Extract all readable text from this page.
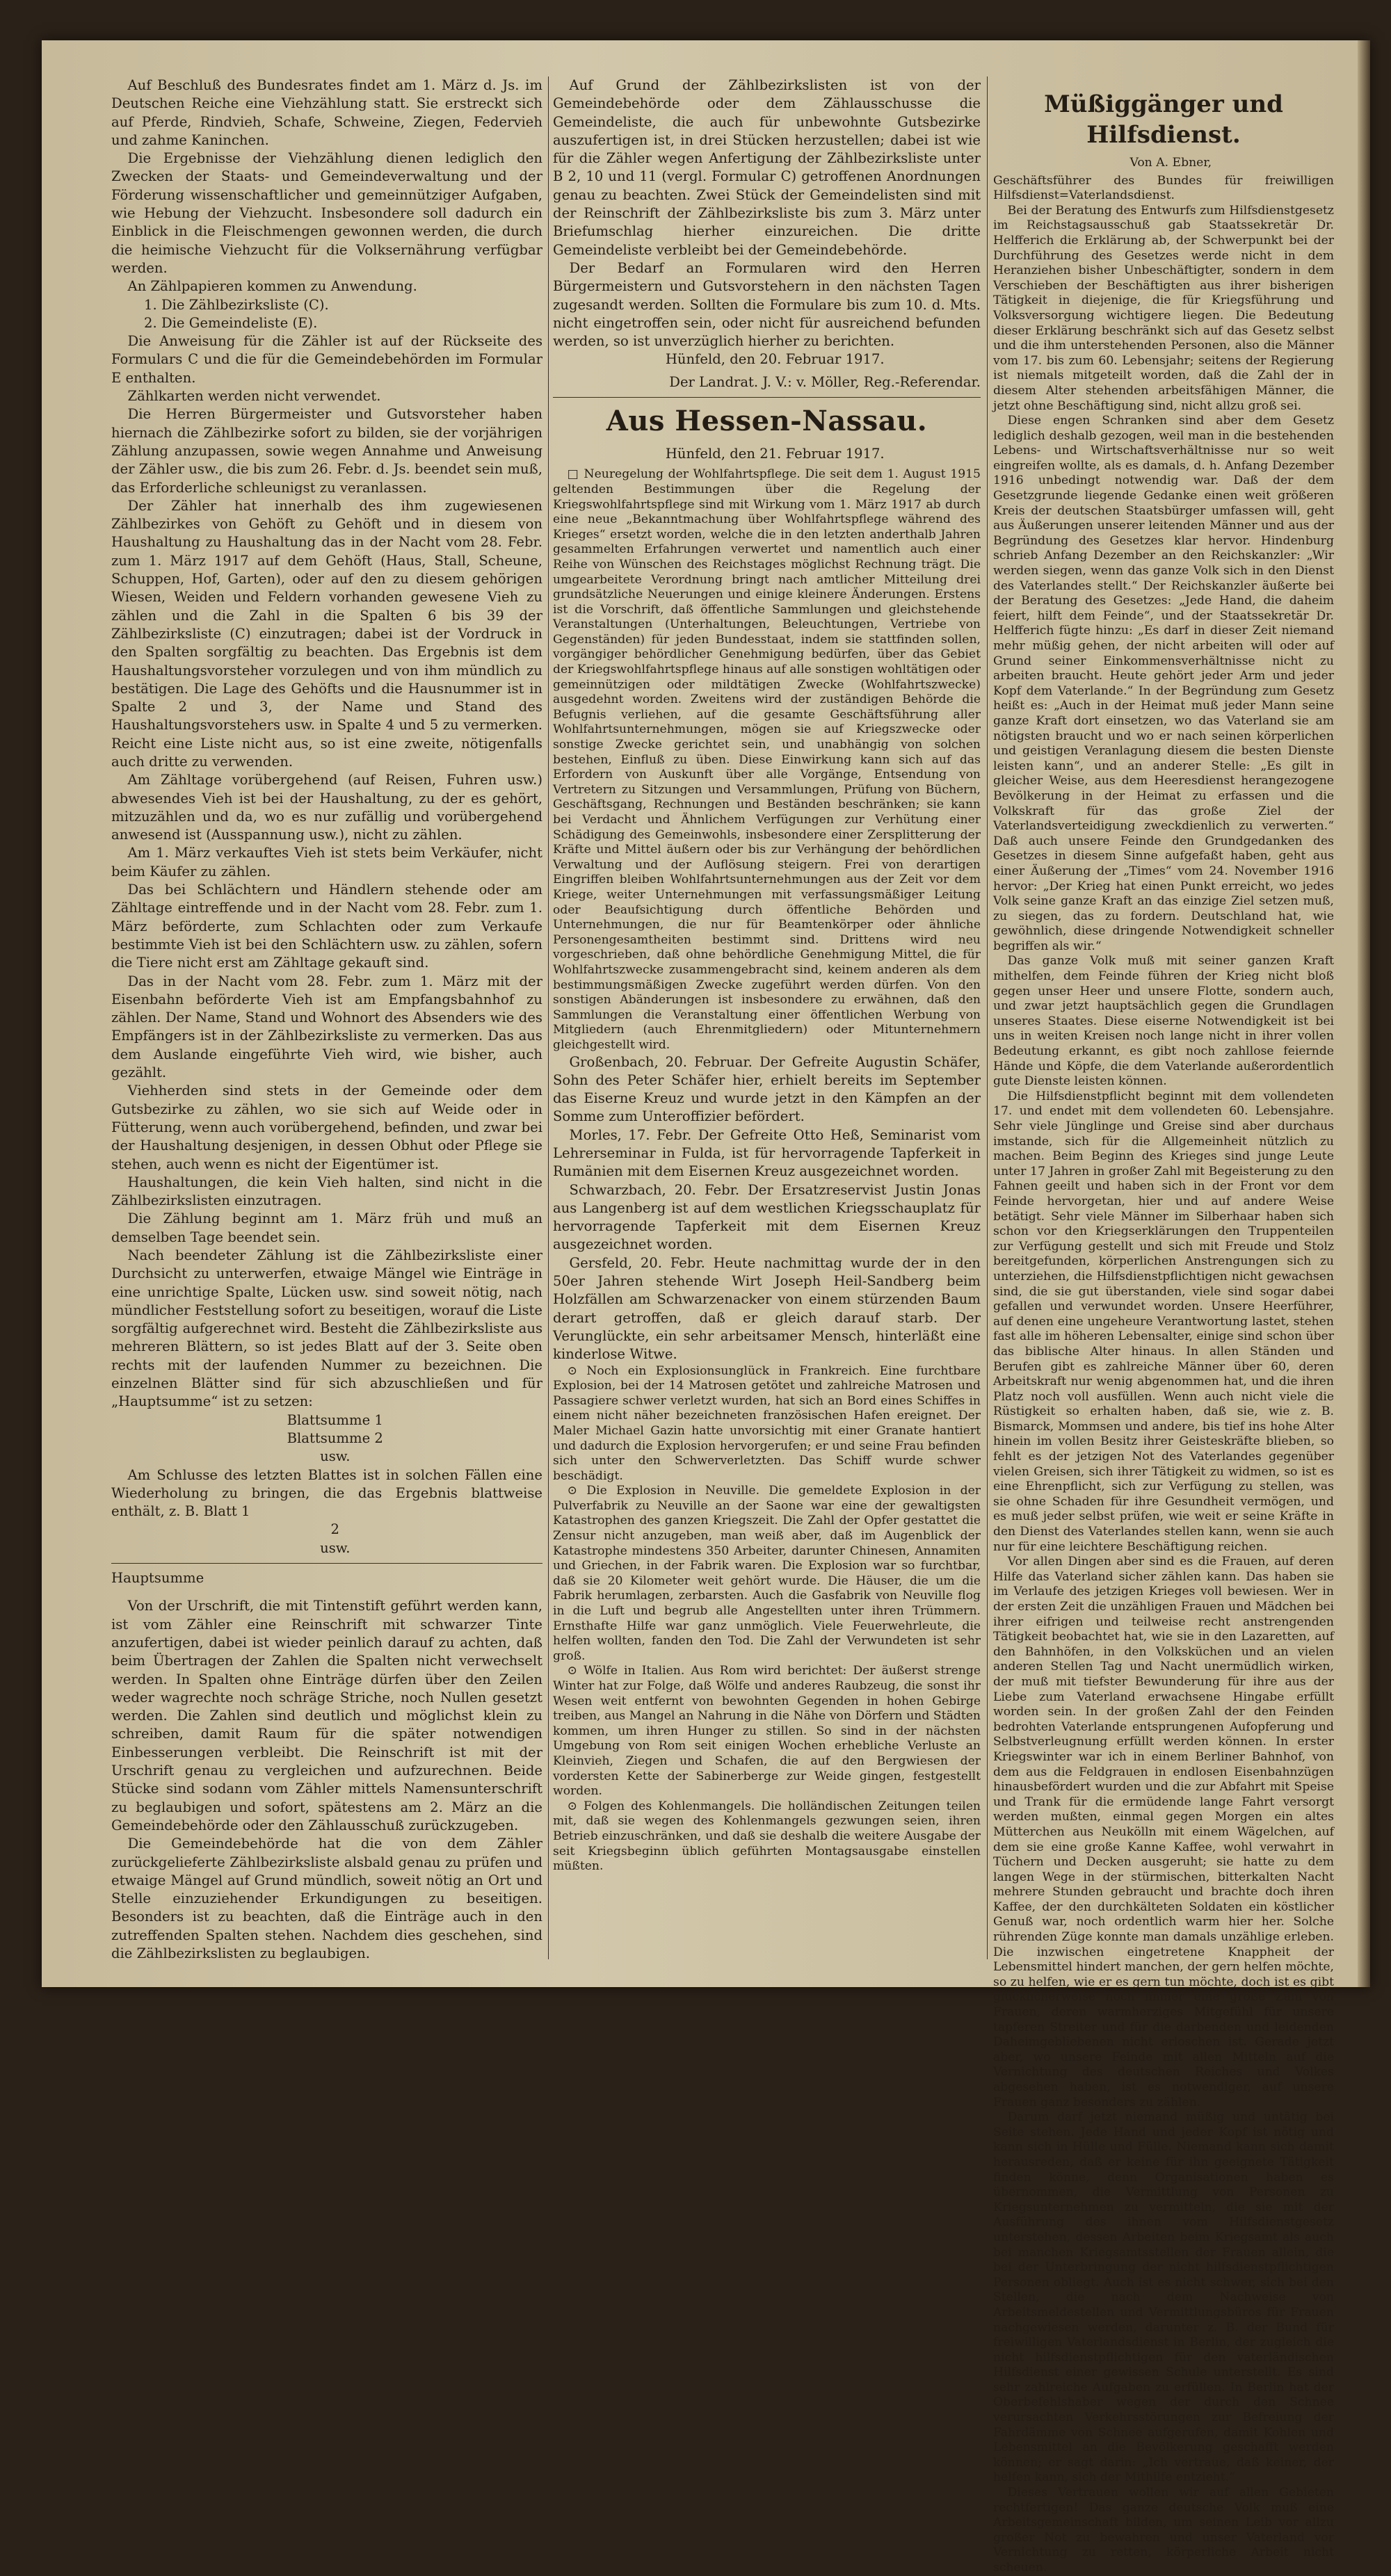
Auf Beschluß des Bundesrates findet am 1. März d. Js. im Deutschen Reiche eine Viehzählung statt. Sie erstreckt sich auf Pferde, Rindvieh, Schafe, Schweine, Ziegen, Federvieh und zahme Kaninchen.

Die Ergebnisse der Viehzählung dienen lediglich den Zwecken der Staats- und Gemeindeverwaltung und der Förderung wissenschaftlicher und gemeinnütziger Aufgaben, wie Hebung der Viehzucht. Insbesondere soll dadurch ein Einblick in die Fleischmengen gewonnen werden, die durch die heimische Viehzucht für die Volksernährung verfügbar werden.

An Zählpapieren kommen zu Anwendung.

1. Die Zählbezirksliste (C).

2. Die Gemeindeliste (E).

Die Anweisung für die Zähler ist auf der Rückseite des Formulars C und die für die Gemeindebehörden im Formular E enthalten.

Zählkarten werden nicht verwendet.

Die Herren Bürgermeister und Gutsvorsteher haben hiernach die Zählbezirke sofort zu bilden, sie der vorjährigen Zählung anzupassen, sowie wegen Annahme und Anweisung der Zähler usw., die bis zum 26. Febr. d. Js. beendet sein muß, das Erforderliche schleunigst zu veranlassen.

Der Zähler hat innerhalb des ihm zugewiesenen Zählbezirkes von Gehöft zu Gehöft und in diesem von Haushaltung zu Haushaltung das in der Nacht vom 28. Febr. zum 1. März 1917 auf dem Gehöft (Haus, Stall, Scheune, Schuppen, Hof, Garten), oder auf den zu diesem gehörigen Wiesen, Weiden und Feldern vorhanden gewesene Vieh zu zählen und die Zahl in die Spalten 6 bis 39 der Zählbezirksliste (C) einzutragen; dabei ist der Vordruck in den Spalten sorgfältig zu beachten. Das Ergebnis ist dem Haushaltungsvorsteher vorzulegen und von ihm mündlich zu bestätigen. Die Lage des Gehöfts und die Hausnummer ist in Spalte 2 und 3, der Name und Stand des Haushaltungsvorstehers usw. in Spalte 4 und 5 zu vermerken. Reicht eine Liste nicht aus, so ist eine zweite, nötigenfalls auch dritte zu verwenden.

Am Zähltage vorübergehend (auf Reisen, Fuhren usw.) abwesendes Vieh ist bei der Haushaltung, zu der es gehört, mitzuzählen und da, wo es nur zufällig und vorübergehend anwesend ist (Ausspannung usw.), nicht zu zählen.

Am 1. März verkauftes Vieh ist stets beim Verkäufer, nicht beim Käufer zu zählen.

Das bei Schlächtern und Händlern stehende oder am Zähltage eintreffende und in der Nacht vom 28. Febr. zum 1. März beförderte, zum Schlachten oder zum Verkaufe bestimmte Vieh ist bei den Schlächtern usw. zu zählen, sofern die Tiere nicht erst am Zähltage gekauft sind.

Das in der Nacht vom 28. Febr. zum 1. März mit der Eisenbahn beförderte Vieh ist am Empfangsbahnhof zu zählen. Der Name, Stand und Wohnort des Absenders wie des Empfängers ist in der Zählbezirksliste zu vermerken. Das aus dem Auslande eingeführte Vieh wird, wie bisher, auch gezählt.

Viehherden sind stets in der Gemeinde oder dem Gutsbezirke zu zählen, wo sie sich auf Weide oder in Fütterung, wenn auch vorübergehend, befinden, und zwar bei der Haushaltung desjenigen, in dessen Obhut oder Pflege sie stehen, auch wenn es nicht der Eigentümer ist.

Haushaltungen, die kein Vieh halten, sind nicht in die Zählbezirkslisten einzutragen.

Die Zählung beginnt am 1. März früh und muß an demselben Tage beendet sein.

Nach beendeter Zählung ist die Zählbezirksliste einer Durchsicht zu unterwerfen, etwaige Mängel wie Einträge in eine unrichtige Spalte, Lücken usw. sind soweit nötig, nach mündlicher Feststellung sofort zu beseitigen, worauf die Liste sorgfältig aufgerechnet wird. Besteht die Zählbezirksliste aus mehreren Blättern, so ist jedes Blatt auf der 3. Seite oben rechts mit der laufenden Nummer zu bezeichnen. Die einzelnen Blätter sind für sich abzuschließen und für „Hauptsumme“ ist zu setzen:

Blattsumme 1

Blattsumme 2

usw.

Am Schlusse des letzten Blattes ist in solchen Fällen eine Wiederholung zu bringen, die das Ergebnis blattweise enthält, z. B. Blatt 1

2

usw.

Hauptsumme

Von der Urschrift, die mit Tintenstift geführt werden kann, ist vom Zähler eine Reinschrift mit schwarzer Tinte anzufertigen, dabei ist wieder peinlich darauf zu achten, daß beim Übertragen der Zahlen die Spalten nicht verwechselt werden. In Spalten ohne Einträge dürfen über den Zeilen weder wagrechte noch schräge Striche, noch Nullen gesetzt werden. Die Zahlen sind deutlich und möglichst klein zu schreiben, damit Raum für die später notwendigen Einbesserungen verbleibt. Die Reinschrift ist mit der Urschrift genau zu vergleichen und aufzurechnen. Beide Stücke sind sodann vom Zähler mittels Namensunterschrift zu beglaubigen und sofort, spätestens am 2. März an die Gemeindebehörde oder den Zählausschuß zurückzugeben.

Die Gemeindebehörde hat die von dem Zähler zurückgelieferte Zählbezirksliste alsbald genau zu prüfen und etwaige Mängel auf Grund mündlich, soweit nötig an Ort und Stelle einzuziehender Erkundigungen zu beseitigen. Besonders ist zu beachten, daß die Einträge auch in den zutreffenden Spalten stehen. Nachdem dies geschehen, sind die Zählbezirkslisten zu beglaubigen.

Auf Grund der Zählbezirkslisten ist von der Gemeindebehörde oder dem Zählausschusse die Gemeindeliste, die auch für unbewohnte Gutsbezirke auszufertigen ist, in drei Stücken herzustellen; dabei ist wie für die Zähler wegen Anfertigung der Zählbezirksliste unter B 2, 10 und 11 (vergl. Formular C) getroffenen Anordnungen genau zu beachten. Zwei Stück der Gemeindelisten sind mit der Reinschrift der Zählbezirksliste bis zum 3. März unter Briefumschlag hierher einzureichen. Die dritte Gemeindeliste verbleibt bei der Gemeindebehörde.

Der Bedarf an Formularen wird den Herren Bürgermeistern und Gutsvorstehern in den nächsten Tagen zugesandt werden. Sollten die Formulare bis zum 10. d. Mts. nicht eingetroffen sein, oder nicht für ausreichend befunden werden, so ist unverzüglich hierher zu berichten.

Hünfeld, den 20. Februar 1917.

Der Landrat. J. V.: v. Möller, Reg.-Referendar.

Aus Hessen-Nassau.

Hünfeld, den 21. Februar 1917.

□ Neuregelung der Wohlfahrtspflege. Die seit dem 1. August 1915 geltenden Bestimmungen über die Regelung der Kriegswohlfahrtspflege sind mit Wirkung vom 1. März 1917 ab durch eine neue „Bekanntmachung über Wohlfahrtspflege während des Krieges“ ersetzt worden, welche die in den letzten anderthalb Jahren gesammelten Erfahrungen verwertet und namentlich auch einer Reihe von Wünschen des Reichstages möglichst Rechnung trägt. Die umgearbeitete Verordnung bringt nach amtlicher Mitteilung drei grundsätzliche Neuerungen und einige kleinere Änderungen. Erstens ist die Vorschrift, daß öffentliche Sammlungen und gleichstehende Veranstaltungen (Unterhaltungen, Beleuchtungen, Vertriebe von Gegenständen) für jeden Bundesstaat, indem sie stattfinden sollen, vorgängiger behördlicher Genehmigung bedürfen, über das Gebiet der Kriegswohlfahrtspflege hinaus auf alle sonstigen wohltätigen oder gemeinnützigen oder mildtätigen Zwecke (Wohlfahrtszwecke) ausgedehnt worden. Zweitens wird der zuständigen Behörde die Befugnis verliehen, auf die gesamte Geschäftsführung aller Wohlfahrtsunternehmungen, mögen sie auf Kriegszwecke oder sonstige Zwecke gerichtet sein, und unabhängig von solchen bestehen, Einfluß zu üben. Diese Einwirkung kann sich auf das Erfordern von Auskunft über alle Vorgänge, Entsendung von Vertretern zu Sitzungen und Versammlungen, Prüfung von Büchern, Geschäftsgang, Rechnungen und Beständen beschränken; sie kann bei Verdacht und Ähnlichem Verfügungen zur Verhütung einer Schädigung des Gemeinwohls, insbesondere einer Zersplitterung der Kräfte und Mittel äußern oder bis zur Verhängung der behördlichen Verwaltung und der Auflösung steigern. Frei von derartigen Eingriffen bleiben Wohlfahrtsunternehmungen aus der Zeit vor dem Kriege, weiter Unternehmungen mit verfassungsmäßiger Leitung oder Beaufsichtigung durch öffentliche Behörden und Unternehmungen, die nur für Beamtenkörper oder ähnliche Personengesamtheiten bestimmt sind. Drittens wird neu vorgeschrieben, daß ohne behördliche Genehmigung Mittel, die für Wohlfahrtszwecke zusammengebracht sind, keinem anderen als dem bestimmungsmäßigen Zwecke zugeführt werden dürfen. Von den sonstigen Abänderungen ist insbesondere zu erwähnen, daß den Sammlungen die Veranstaltung einer öffentlichen Werbung von Mitgliedern (auch Ehrenmitgliedern) oder Mitunternehmern gleichgestellt wird.

Großenbach, 20. Februar. Der Gefreite Augustin Schäfer, Sohn des Peter Schäfer hier, erhielt bereits im September das Eiserne Kreuz und wurde jetzt in den Kämpfen an der Somme zum Unteroffizier befördert.

Morles, 17. Febr. Der Gefreite Otto Heß, Seminarist vom Lehrerseminar in Fulda, ist für hervorragende Tapferkeit in Rumänien mit dem Eisernen Kreuz ausgezeichnet worden.

Schwarzbach, 20. Febr. Der Ersatzreservist Justin Jonas aus Langenberg ist auf dem westlichen Kriegsschauplatz für hervorragende Tapferkeit mit dem Eisernen Kreuz ausgezeichnet worden.

Gersfeld, 20. Febr. Heute nachmittag wurde der in den 50er Jahren stehende Wirt Joseph Heil-Sandberg beim Holzfällen am Schwarzenacker von einem stürzenden Baum derart getroffen, daß er gleich darauf starb. Der Verunglückte, ein sehr arbeitsamer Mensch, hinterläßt eine kinderlose Witwe.

⊙ Noch ein Explosionsunglück in Frankreich. Eine furchtbare Explosion, bei der 14 Matrosen getötet und zahlreiche Matrosen und Passagiere schwer verletzt wurden, hat sich an Bord eines Schiffes in einem nicht näher bezeichneten französischen Hafen ereignet. Der Maler Michael Gazin hatte unvorsichtig mit einer Granate hantiert und dadurch die Explosion hervorgerufen; er und seine Frau befinden sich unter den Schwerverletzten. Das Schiff wurde schwer beschädigt.

⊙ Die Explosion in Neuville. Die gemeldete Explosion in der Pulverfabrik zu Neuville an der Saone war eine der gewaltigsten Katastrophen des ganzen Kriegszeit. Die Zahl der Opfer gestattet die Zensur nicht anzugeben, man weiß aber, daß im Augenblick der Katastrophe mindestens 350 Arbeiter, darunter Chinesen, Annamiten und Griechen, in der Fabrik waren. Die Explosion war so furchtbar, daß sie 20 Kilometer weit gehört wurde. Die Häuser, die um die Fabrik herumlagen, zerbarsten. Auch die Gasfabrik von Neuville flog in die Luft und begrub alle Angestellten unter ihren Trümmern. Ernsthafte Hilfe war ganz unmöglich. Viele Feuerwehrleute, die helfen wollten, fanden den Tod. Die Zahl der Verwundeten ist sehr groß.

⊙ Wölfe in Italien. Aus Rom wird berichtet: Der äußerst strenge Winter hat zur Folge, daß Wölfe und anderes Raubzeug, die sonst ihr Wesen weit entfernt von bewohnten Gegenden in hohen Gebirge treiben, aus Mangel an Nahrung in die Nähe von Dörfern und Städten kommen, um ihren Hunger zu stillen. So sind in der nächsten Umgebung von Rom seit einigen Wochen erhebliche Verluste an Kleinvieh, Ziegen und Schafen, die auf den Bergwiesen der vordersten Kette der Sabinerberge zur Weide gingen, festgestellt worden.

⊙ Folgen des Kohlenmangels. Die holländischen Zeitungen teilen mit, daß sie wegen des Kohlenmangels gezwungen seien, ihren Betrieb einzuschränken, und daß sie deshalb die weitere Ausgabe der seit Kriegsbeginn üblich geführten Montagsausgabe einstellen müßten.

Müßiggänger und Hilfsdienst.

Von A. Ebner,

Geschäftsführer des Bundes für freiwilligen Hilfsdienst=Vaterlandsdienst.

Bei der Beratung des Entwurfs zum Hilfsdienstgesetz im Reichstagsausschuß gab Staatssekretär Dr. Helfferich die Erklärung ab, der Schwerpunkt bei der Durchführung des Gesetzes werde nicht in dem Heranziehen bisher Unbeschäftigter, sondern in dem Verschieben der Beschäftigten aus ihrer bisherigen Tätigkeit in diejenige, die für Kriegsführung und Volksversorgung wichtigere liegen. Die Bedeutung dieser Erklärung beschränkt sich auf das Gesetz selbst und die ihm unterstehenden Personen, also die Männer vom 17. bis zum 60. Lebensjahr; seitens der Regierung ist niemals mitgeteilt worden, daß die Zahl der in diesem Alter stehenden arbeitsfähigen Männer, die jetzt ohne Beschäftigung sind, nicht allzu groß sei.

Diese engen Schranken sind aber dem Gesetz lediglich deshalb gezogen, weil man in die bestehenden Lebens- und Wirtschaftsverhältnisse nur so weit eingreifen wollte, als es damals, d. h. Anfang Dezember 1916 unbedingt notwendig war. Daß der dem Gesetzgrunde liegende Gedanke einen weit größeren Kreis der deutschen Staatsbürger umfassen will, geht aus Äußerungen unserer leitenden Männer und aus der Begründung des Gesetzes klar hervor. Hindenburg schrieb Anfang Dezember an den Reichskanzler: „Wir werden siegen, wenn das ganze Volk sich in den Dienst des Vaterlandes stellt.“ Der Reichskanzler äußerte bei der Beratung des Gesetzes: „Jede Hand, die daheim feiert, hilft dem Feinde“, und der Staatssekretär Dr. Helfferich fügte hinzu: „Es darf in dieser Zeit niemand mehr müßig gehen, der nicht arbeiten will oder auf Grund seiner Einkommensverhältnisse nicht zu arbeiten braucht. Heute gehört jeder Arm und jeder Kopf dem Vaterlande.“ In der Begründung zum Gesetz heißt es: „Auch in der Heimat muß jeder Mann seine ganze Kraft dort einsetzen, wo das Vaterland sie am nötigsten braucht und wo er nach seinen körperlichen und geistigen Veranlagung diesem die besten Dienste leisten kann“, und an anderer Stelle: „Es gilt in gleicher Weise, aus dem Heeresdienst herangezogene Bevölkerung in der Heimat zu erfassen und die Volkskraft für das große Ziel der Vaterlandsverteidigung zweckdienlich zu verwerten.“ Daß auch unsere Feinde den Grundgedanken des Gesetzes in diesem Sinne aufgefaßt haben, geht aus einer Äußerung der „Times“ vom 24. November 1916 hervor: „Der Krieg hat einen Punkt erreicht, wo jedes Volk seine ganze Kraft an das einzige Ziel setzen muß, zu siegen, das zu fordern. Deutschland hat, wie gewöhnlich, diese dringende Notwendigkeit schneller begriffen als wir.“

Das ganze Volk muß mit seiner ganzen Kraft mithelfen, dem Feinde führen der Krieg nicht bloß gegen unser Heer und unsere Flotte, sondern auch, und zwar jetzt hauptsächlich gegen die Grundlagen unseres Staates. Diese eiserne Notwendigkeit ist bei uns in weiten Kreisen noch lange nicht in ihrer vollen Bedeutung erkannt, es gibt noch zahllose feiernde Hände und Köpfe, die dem Vaterlande außerordentlich gute Dienste leisten können.

Die Hilfsdienstpflicht beginnt mit dem vollendeten 17. und endet mit dem vollendeten 60. Lebensjahre. Sehr viele Jünglinge und Greise sind aber durchaus imstande, sich für die Allgemeinheit nützlich zu machen. Beim Beginn des Krieges sind junge Leute unter 17 Jahren in großer Zahl mit Begeisterung zu den Fahnen geeilt und haben sich in der Front vor dem Feinde hervorgetan, hier und auf andere Weise betätigt. Sehr viele Männer im Silberhaar haben sich schon vor den Kriegserklärungen den Truppenteilen zur Verfügung gestellt und sich mit Freude und Stolz bereitgefunden, körperlichen Anstrengungen sich zu unterziehen, die Hilfsdienstpflichtigen nicht gewachsen sind, die sie gut überstanden, viele sind sogar dabei gefallen und verwundet worden. Unsere Heerführer, auf denen eine ungeheure Verantwortung lastet, stehen fast alle im höheren Lebensalter, einige sind schon über das biblische Alter hinaus. In allen Ständen und Berufen gibt es zahlreiche Männer über 60, deren Arbeitskraft nur wenig abgenommen hat, und die ihren Platz noch voll ausfüllen. Wenn auch nicht viele die Rüstigkeit so erhalten haben, daß sie, wie z. B. Bismarck, Mommsen und andere, bis tief ins hohe Alter hinein im vollen Besitz ihrer Geisteskräfte blieben, so fehlt es der jetzigen Not des Vaterlandes gegenüber vielen Greisen, sich ihrer Tätigkeit zu widmen, so ist es eine Ehrenpflicht, sich zur Verfügung zu stellen, was sie ohne Schaden für ihre Gesundheit vermögen, und es muß jeder selbst prüfen, wie weit er seine Kräfte in den Dienst des Vaterlandes stellen kann, wenn sie auch nur für eine leichtere Beschäftigung reichen.

Vor allen Dingen aber sind es die Frauen, auf deren Hilfe das Vaterland sicher zählen kann. Das haben sie im Verlaufe des jetzigen Krieges voll bewiesen. Wer in der ersten Zeit die unzähligen Frauen und Mädchen bei ihrer eifrigen und teilweise recht anstrengenden Tätigkeit beobachtet hat, wie sie in den Lazaretten, auf den Bahnhöfen, in den Volksküchen und an vielen anderen Stellen Tag und Nacht unermüdlich wirken, der muß mit tiefster Bewunderung für ihre aus der Liebe zum Vaterland erwachsene Hingabe erfüllt worden sein. In der großen Zahl der den Feinden bedrohten Vaterlande entsprungenen Aufopferung und Selbstverleugnung erfüllt werden können. In erster Kriegswinter war ich in einem Berliner Bahnhof, von dem aus die Feldgrauen in endlosen Eisenbahnzügen hinausbefördert wurden und die zur Abfahrt mit Speise und Trank für die ermüdende lange Fahrt versorgt werden mußten, einmal gegen Morgen ein altes Mütterchen aus Neukölln mit einem Wägelchen, auf dem sie eine große Kanne Kaffee, wohl verwahrt in Tüchern und Decken ausgeruht; sie hatte zu dem langen Wege in der stürmischen, bitterkalten Nacht mehrere Stunden gebraucht und brachte doch ihren Kaffee, der den durchkälteten Soldaten ein köstlicher Genuß war, noch ordentlich warm hier her. Solche rührenden Züge konnte man damals unzählige erleben. Die inzwischen eingetretene Knappheit der Lebensmittel hindert manchen, der gern helfen möchte, so zu helfen, wie er es gern tun möchte, doch ist es gibt glücklicherweise noch immer eine große Zahl von Frauen, deren warmherziges Mitgefühl für unsere tapferen Streiter und für die darbenden und leidenden Daheimgebliebenen nicht erloschen ist. Gerade jetzt aber, wo unsere Feinde mit allen Mitteln auf die Vernichtung des deutschen Reiches und Volkes abgesehen haben, ist es notwendiger, auf unsere Frauen ganz besonders zu zählen.

Darum darf jetzt niemand müßig und untätig bei Seite stehen. Jede Hand und jeder Kopf ist nötig und kann sich in Hülle und Fülle. Niemand kann sich damit herausreden, daß er keine für ihn geeignete Tätigkeit finden könne, denn Organisationen haben es übernommen, die Vermittlung von Personen zu Kriegsunternehmen zu vermitteln, die sie mit der Ausführung des ihnen vom Hilfsdienstgesetz unterstehen, dessen Arbeiten beim Kriegsamt als auch bei manchen Kriegsamtsstellen der Frauen allein, die bei der Unterbringung der nicht hilfsdienstpflichtigen Personen obliegt. Auch ist es nicht schwer, sich bei den Stellen, die nach dem Nachweise von Arbeitsmeldestellen und Vermittlungsbüros für Frauen nachgewiesen werden, darunter z. B. der Bund für freiwilligen Vaterlandsdienst in Berlin, der zugleich die nicht hilfsdienstpflichtigen für den vaterländischen Hilfsdienst einer gewissen Schule unterstellt. Es sind sehr zahlreiche Aufgaben zu erfüllen. In Berlin hat der Oberbefehlshaber wegen der durch den Schnee verursachten Verkehrsstörungen zur Befreiung der Fahrdämme von Schnee aufgerufen, damit Kohlen und Lebensmittel an die Bevölkerung geschafft werden können; er sagt darin: „Ich vertraue, daß keiner, der helfen kann, sich der Mithilfe entzieht.“

Dieses Vertrauen wollen wir auf allen Gebieten rechtfertigen! Das ganze deutsche Volk muß eine Arbeitsgemeinschaft bilden, um seinen Leib vor allzu großer Not zu bewahren und unser Vaterland vor Vernichtung zu retten, körperliche Arbeit nicht scheuen.
